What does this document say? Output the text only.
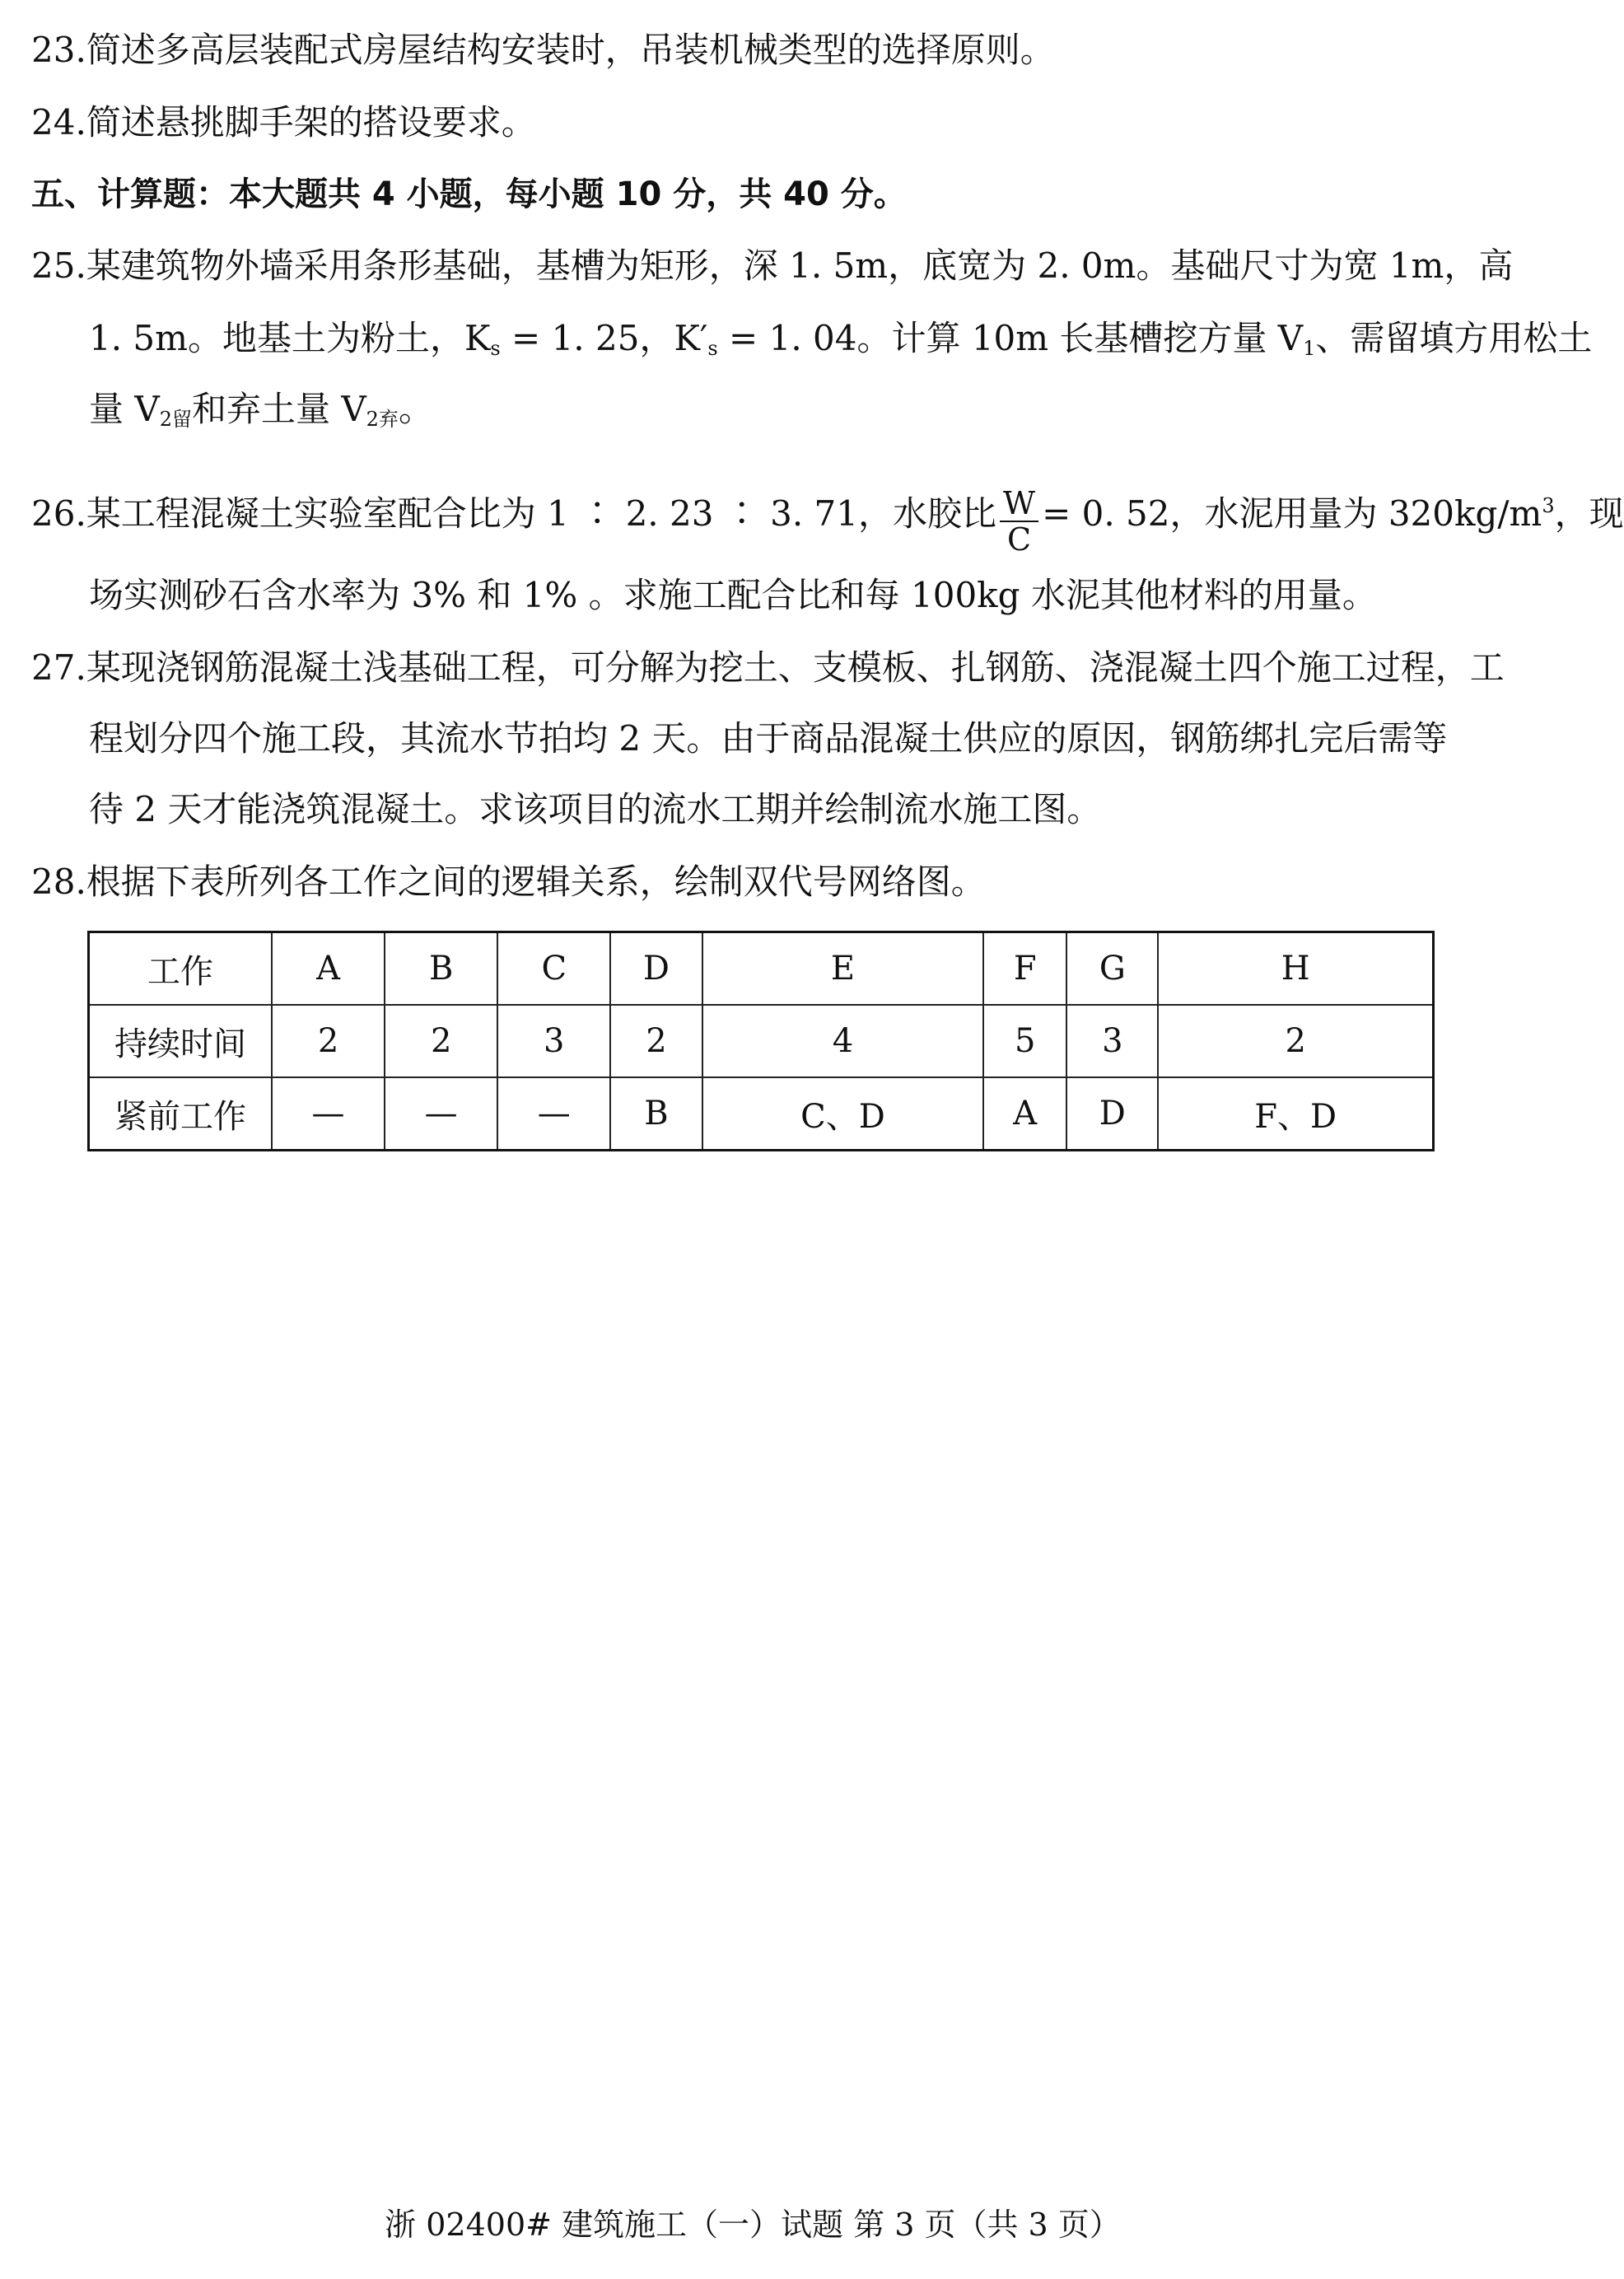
23.简述多高层装配式房屋结构安装时，吊装机械类型的选择原则。
24.简述悬挑脚手架的搭设要求。
五、计算题：本大题共 4 小题，每小题 10 分，共 40 分。
25.某建筑物外墙采用条形基础，基槽为矩形，深 1. 5m，底宽为 2. 0m。基础尺寸为宽 1m，高
1. 5m。地基土为粉土，$K_s = 1$. 25，$K'_s = 1$. 04。计算 10m 长基槽挖方量 $V_1$、需留填方用松土
量 $V_{2留}$和弃土量 $V_{2弃}$。
26.某工程混凝土实验室配合比为 1 ∶ 2. 23 ∶ 3. 71，水胶比 $\frac{W}{C} = 0$. 52，水泥用量为 $320kg/m^3$，现
场实测砂石含水率为 3% 和 1% 。求施工配合比和每 100kg 水泥其他材料的用量。
27.某现浇钢筋混凝土浅基础工程，可分解为挖土、支模板、扎钢筋、浇混凝土四个施工过程，工
程划分四个施工段，其流水节拍均 2 天。由于商品混凝土供应的原因，钢筋绑扎完后需等
待 2 天才能浇筑混凝土。求该项目的流水工期并绘制流水施工图。
28.根据下表所列各工作之间的逻辑关系，绘制双代号网络图。
工作	A	B	C	D	E	F	G	H
持续时间	2	2	3	2	4	5	3	2
紧前工作	—	—	—	B	C、D	A	D	F、D
浙 02400# 建筑施工（一）试题 第 3 页（共 3 页）
